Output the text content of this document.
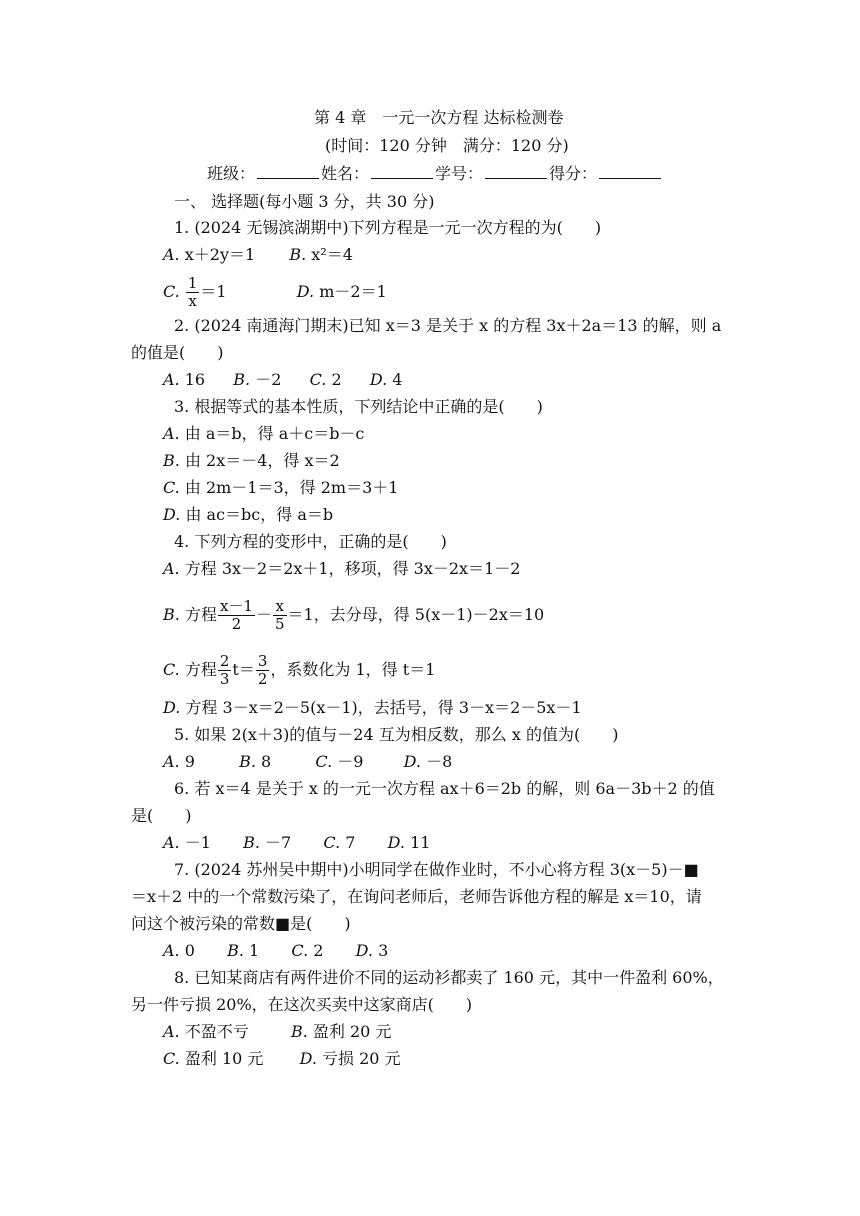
第 4 章　一元一次方程 达标检测卷
(时间：120 分钟　满分：120 分)
班级：	姓名：	学号：	得分：
一、 选择题(每小题 3 分，共 30 分)
1. (2024 无锡滨湖期中)下列方程是一元一次方程的为(　　)
A. x＋2y＝1 B. x²＝4
C. $\frac{1}{x} =1$	D. m－2＝1
2. (2024 南通海门期末)已知 x＝3 是关于 x 的方程 3x＋2a＝13 的解，则 a
的值是(　　)
A. 16 B. －2 C. 2 D. 4
3. 根据等式的基本性质，下列结论中正确的是(　　)
A. 由 a＝b，得 a＋c＝b－c
B. 由 2x＝－4，得 x＝2
C. 由 2m－1＝3，得 2m＝3＋1
D. 由 ac＝bc，得 a＝b
4. 下列方程的变形中，正确的是(　　)
A. 方程 3x－2＝2x＋1，移项，得 3x－2x＝1－2
B. 方程 $\frac{x-1}{2} - \frac{x}{5} =1$，去分母，得 5(x－1)－2x＝10
C. 方程 $\frac{2}{3} t= \frac{3}{2}$ ，系数化为 1，得 t＝1
D. 方程 3－x＝2－5(x－1)，去括号，得 3－x＝2－5x－1
5. 如果 2(x＋3)的值与－24 互为相反数，那么 x 的值为(　　)
A. 9	B. 8	C. －9	D. －8
6. 若 x＝4 是关于 x 的一元一次方程 ax＋6＝2b 的解，则 6a－3b＋2 的值
是(　　)
A. －1 B. －7 C. 7 D. 11
7. (2024 苏州吴中期中)小明同学在做作业时，不小心将方程 3(x－5)－■
＝x＋2 中的一个常数污染了，在询问老师后，老师告诉他方程的解是 x＝10，请
问这个被污染的常数■是(　　)
A. 0 B. 1 C. 2 D. 3
8. 已知某商店有两件进价不同的运动衫都卖了 160 元，其中一件盈利 60%，
另一件亏损 20%，在这次买卖中这家商店(　　)
A. 不盈不亏	B. 盈利 20 元
C. 盈利 10 元 D. 亏损 20 元
